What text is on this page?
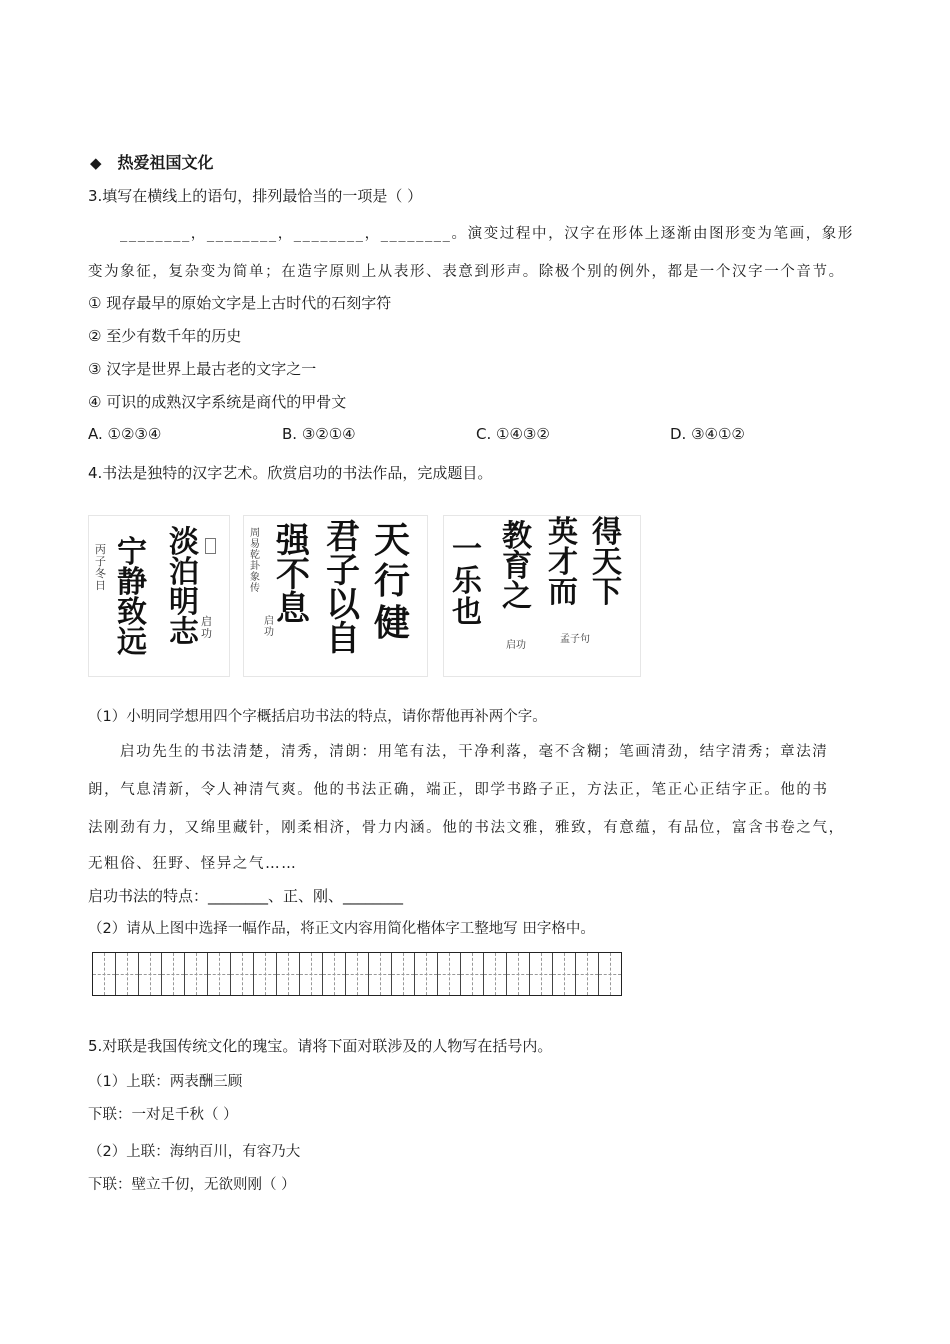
◆ 热爱祖国文化
3.填写在横线上的语句，排列最恰当的一项是（ ）
________，________，________，________。演变过程中，汉字在形体上逐渐由图形变为笔画，象形
变为象征，复杂变为简单；在造字原则上从表形、表意到形声。除极个别的例外，都是一个汉字一个音节。
① 现存最早的原始文字是上古时代的石刻字符
② 至少有数千年的历史
③ 汉字是世界上最古老的文字之一
④ 可识的成熟汉字系统是商代的甲骨文
A. ①②③④	B. ③②①④	C. ①④③②	D. ③④①②
4.书法是独特的汉字艺术。欣赏启功的书法作品，完成题目。
丙子冬日
宁静致远
淡泊明志 启功
周易乾卦象传
启功
强不息
君子以自
天行健
一乐也
教育之
英才而
得天下
孟子句
启功
（1）小明同学想用四个字概括启功书法的特点，请你帮他再补两个字。
启功先生的书法清楚，清秀，清朗：用笔有法，干净利落，毫不含糊；笔画清劲，结字清秀；章法清
朗，气息清新，令人神清气爽。他的书法正确，端正，即学书路子正，方法正，笔正心正结字正。他的书
法刚劲有力，又绵里藏针，刚柔相济，骨力内涵。他的书法文雅，雅致，有意蕴，有品位，富含书卷之气，
无粗俗、狂野、怪异之气……
启功书法的特点：________、正、刚、________
（2）请从上图中选择一幅作品，将正文内容用简化楷体字工整地写 田字格中。
5.对联是我国传统文化的瑰宝。请将下面对联涉及的人物写在括号内。
（1）上联：两表酬三顾
下联：一对足千秋（ ）
（2）上联：海纳百川，有容乃大
下联：壁立千仞，无欲则刚（ ）
